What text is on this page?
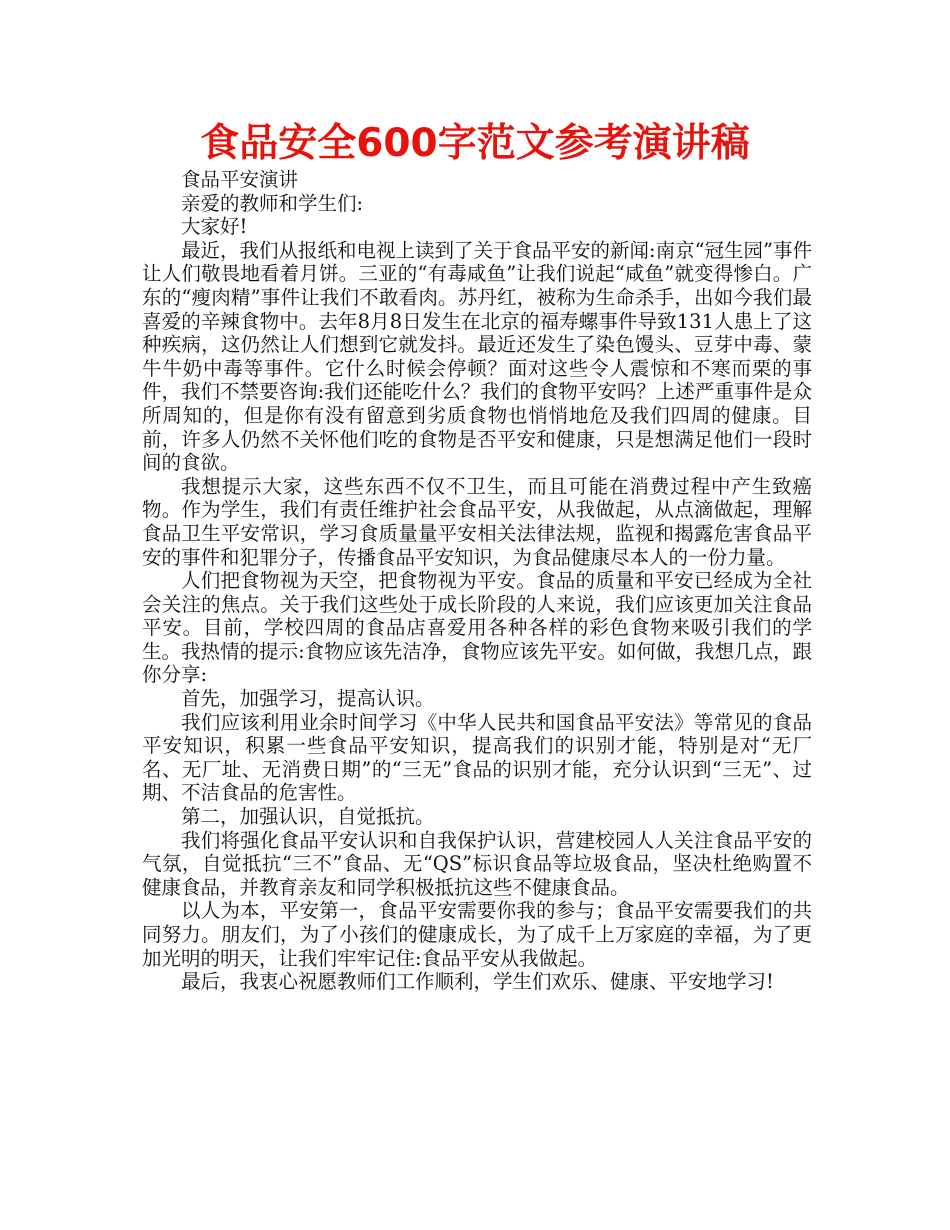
食品安全600字范文参考演讲稿

食品平安演讲

亲爱的教师和学生们:

大家好!

最近，我们从报纸和电视上读到了关于食品平安的新闻:南京“冠生园”事件让人们敬畏地看着月饼。三亚的“有毒咸鱼”让我们说起“咸鱼”就变得惨白。广东的“瘦肉精”事件让我们不敢看肉。苏丹红，被称为生命杀手，出如今我们最喜爱的辛辣食物中。去年8月8日发生在北京的福寿螺事件导致131人患上了这种疾病，这仍然让人们想到它就发抖。最近还发生了染色馒头、豆芽中毒、蒙牛牛奶中毒等事件。它什么时候会停顿？面对这些令人震惊和不寒而栗的事件，我们不禁要咨询:我们还能吃什么？我们的食物平安吗？上述严重事件是众所周知的，但是你有没有留意到劣质食物也悄悄地危及我们四周的健康。目前，许多人仍然不关怀他们吃的食物是否平安和健康，只是想满足他们一段时间的食欲。

我想提示大家，这些东西不仅不卫生，而且可能在消费过程中产生致癌物。作为学生，我们有责任维护社会食品平安，从我做起，从点滴做起，理解食品卫生平安常识，学习食质量量平安相关法律法规，监视和揭露危害食品平安的事件和犯罪分子，传播食品平安知识，为食品健康尽本人的一份力量。

人们把食物视为天空，把食物视为平安。食品的质量和平安已经成为全社会关注的焦点。关于我们这些处于成长阶段的人来说，我们应该更加关注食品平安。目前，学校四周的食品店喜爱用各种各样的彩色食物来吸引我们的学生。我热情的提示:食物应该先洁净，食物应该先平安。如何做，我想几点，跟你分享:

首先，加强学习，提高认识。

我们应该利用业余时间学习《中华人民共和国食品平安法》等常见的食品平安知识，积累一些食品平安知识，提高我们的识别才能，特别是对“无厂名、无厂址、无消费日期”的“三无”食品的识别才能，充分认识到“三无”、过期、不洁食品的危害性。

第二，加强认识，自觉抵抗。

我们将强化食品平安认识和自我保护认识，营建校园人人关注食品平安的气氛，自觉抵抗“三不”食品、无“QS”标识食品等垃圾食品，坚决杜绝购置不健康食品，并教育亲友和同学积极抵抗这些不健康食品。

以人为本，平安第一，食品平安需要你我的参与；食品平安需要我们的共同努力。朋友们，为了小孩们的健康成长，为了成千上万家庭的幸福，为了更加光明的明天，让我们牢牢记住:食品平安从我做起。

最后，我衷心祝愿教师们工作顺利，学生们欢乐、健康、平安地学习!
